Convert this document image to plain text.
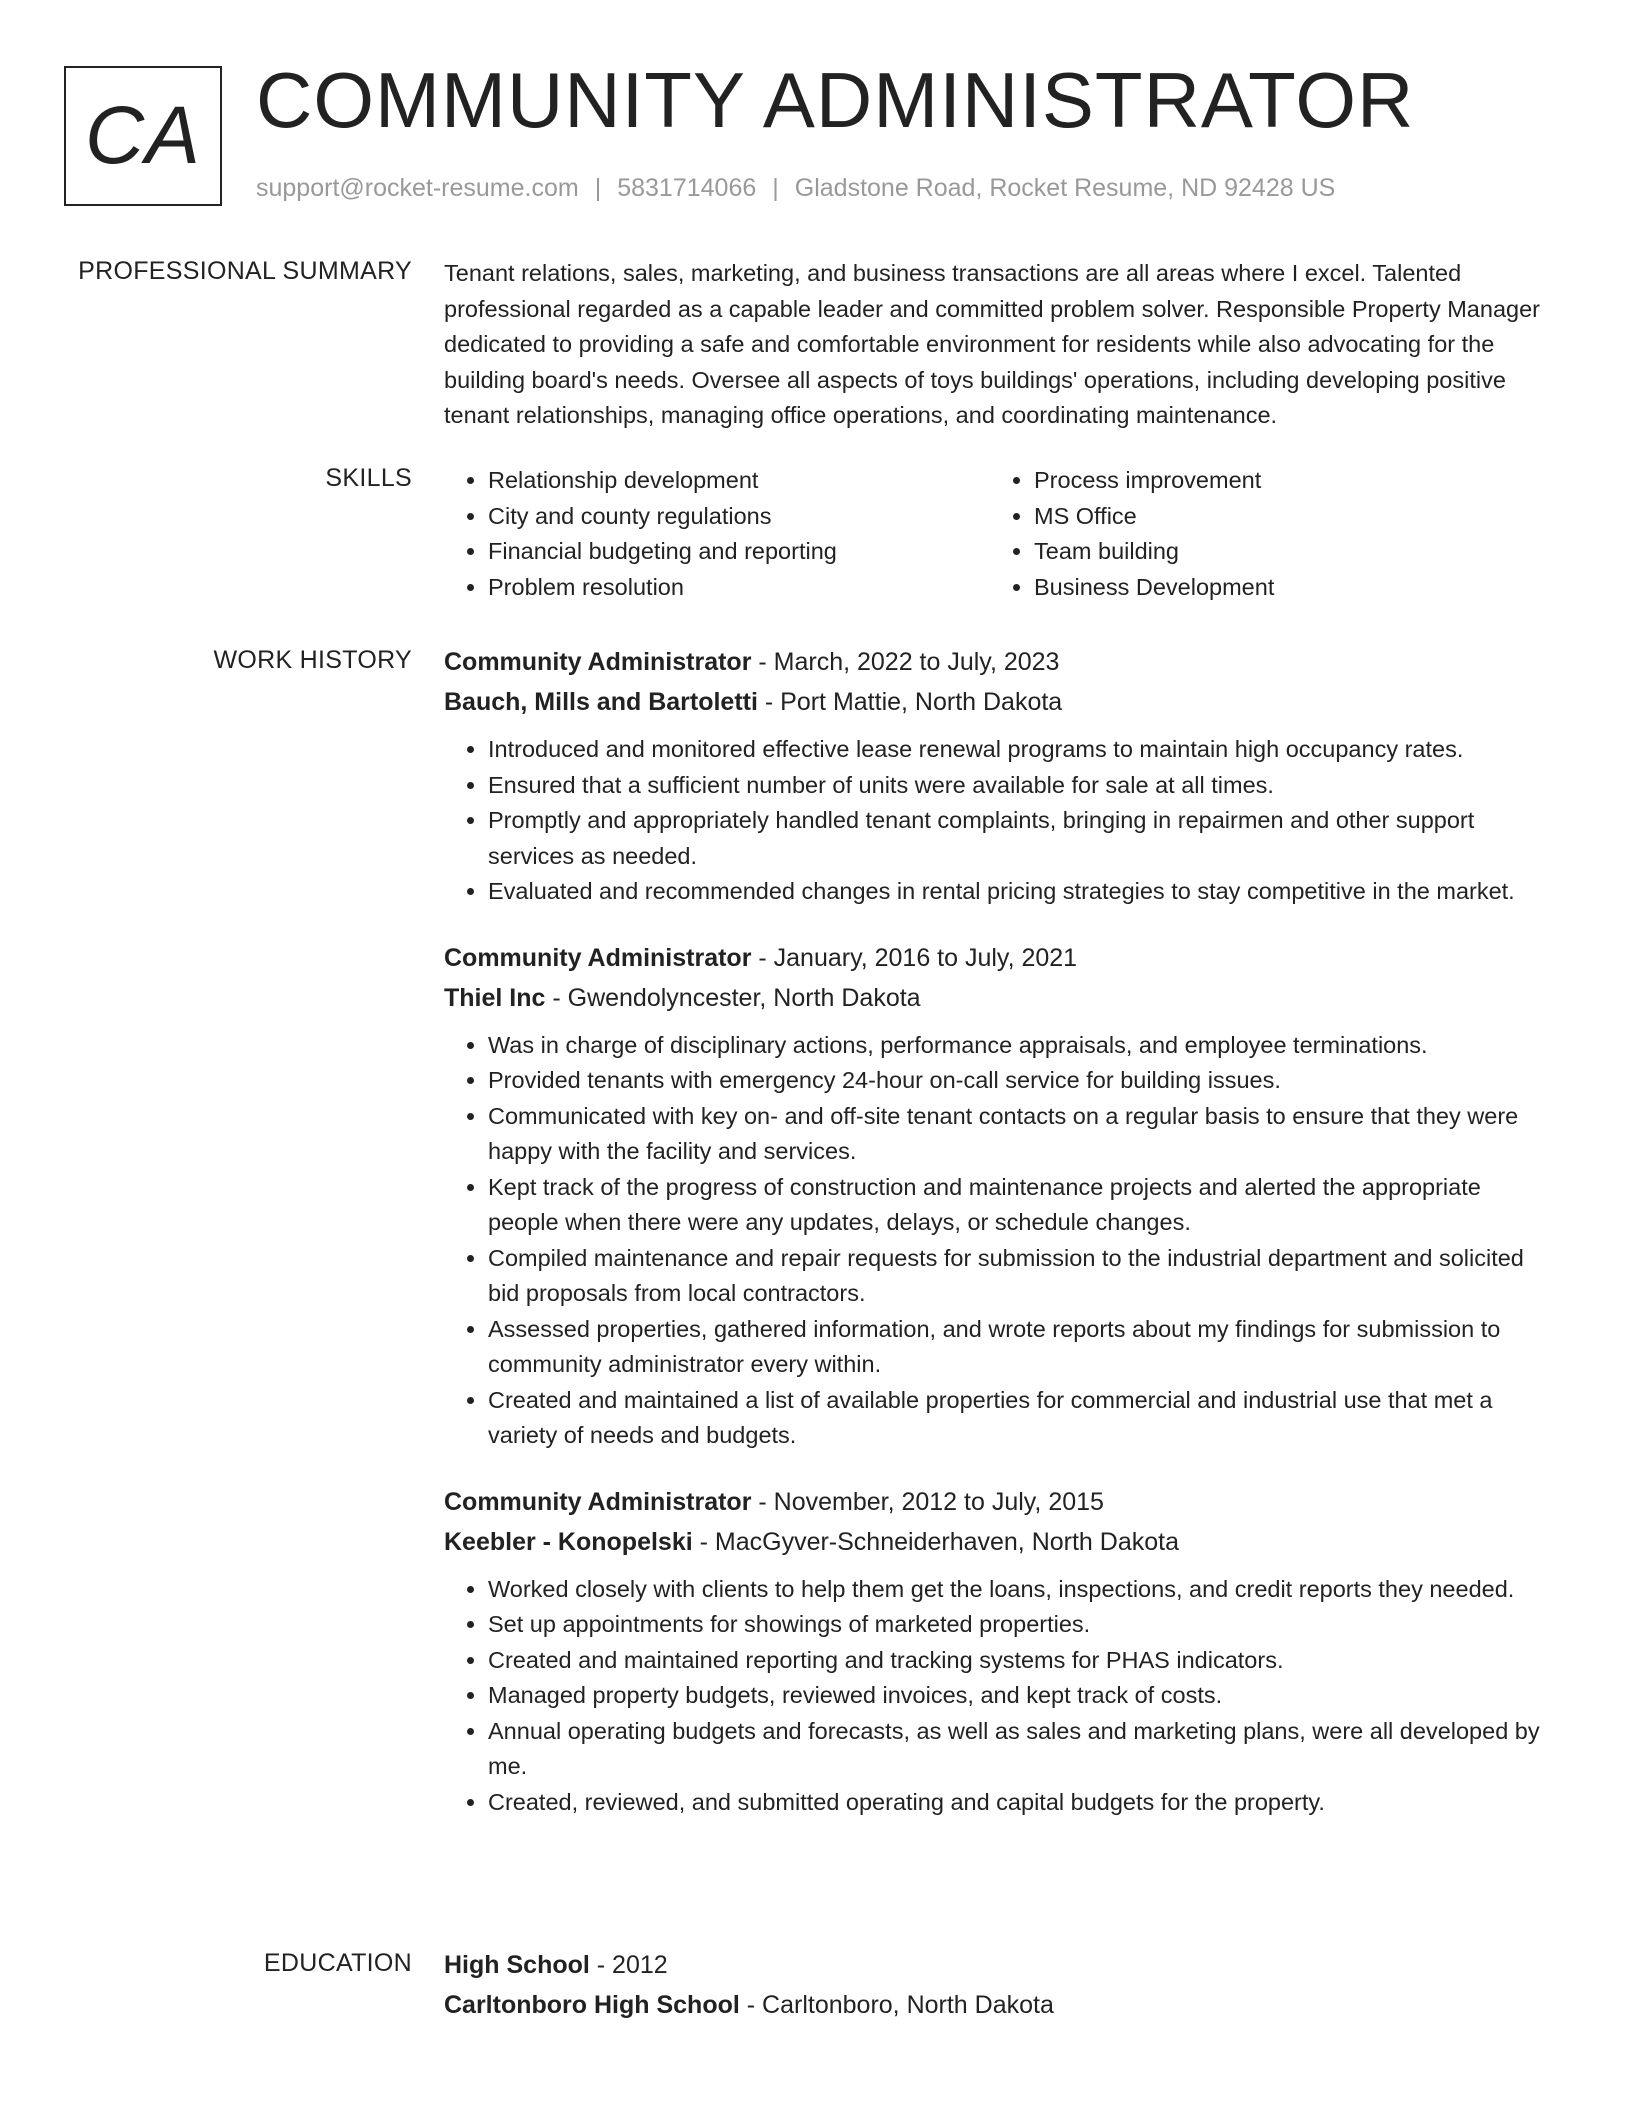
CA COMMUNITY ADMINISTRATOR
support@rocket-resume.com | 5831714066 | Gladstone Road, Rocket Resume, ND 92428 US
PROFESSIONAL SUMMARY Tenant relations, sales, marketing, and business transactions are all areas where I excel. Talented professional regarded as a capable leader and committed problem solver. Responsible Property Manager dedicated to providing a safe and comfortable environment for residents while also advocating for the building board's needs. Oversee all aspects of toys buildings' operations, including developing positive tenant relationships, managing office operations, and coordinating maintenance.

SKILLS
•	Relationship development
• City and county regulations
• Financial budgeting and reporting
• Problem resolution
• Process improvement
• MS Office
• Team building
• Business Development
WORK HISTORY Community Administrator - March, 2022 to July, 2023
Bauch, Mills and Bartoletti - Port Mattie, North Dakota
• Introduced and monitored effective lease renewal programs to maintain high occupancy rates.
• Ensured that a sufficient number of units were available for sale at all times.
• Promptly and appropriately handled tenant complaints, bringing in repairmen and other support services as needed.
• Evaluated and recommended changes in rental pricing strategies to stay competitive in the market.
Community Administrator - January, 2016 to July, 2021
Thiel Inc - Gwendolyncester, North Dakota
• Was in charge of disciplinary actions, performance appraisals, and employee terminations.
• Provided tenants with emergency 24-hour on-call service for building issues.
• Communicated with key on- and off-site tenant contacts on a regular basis to ensure that they were happy with the facility and services.
• Kept track of the progress of construction and maintenance projects and alerted the appropriate people when there were any updates, delays, or schedule changes.
• Compiled maintenance and repair requests for submission to the industrial department and solicited bid proposals from local contractors.
• Assessed properties, gathered information, and wrote reports about my findings for submission to community administrator every within.
• Created and maintained a list of available properties for commercial and industrial use that met a variety of needs and budgets.
Community Administrator - November, 2012 to July, 2015
Keebler - Konopelski - MacGyver-Schneiderhaven, North Dakota
• Worked closely with clients to help them get the loans, inspections, and credit reports they needed.
• Set up appointments for showings of marketed properties.
• Created and maintained reporting and tracking systems for PHAS indicators.
• Managed property budgets, reviewed invoices, and kept track of costs.
• Annual operating budgets and forecasts, as well as sales and marketing plans, were all developed by me.
• Created, reviewed, and submitted operating and capital budgets for the property.
EDUCATION High School - 2012
Carltonboro High School - Carltonboro, North Dakota
